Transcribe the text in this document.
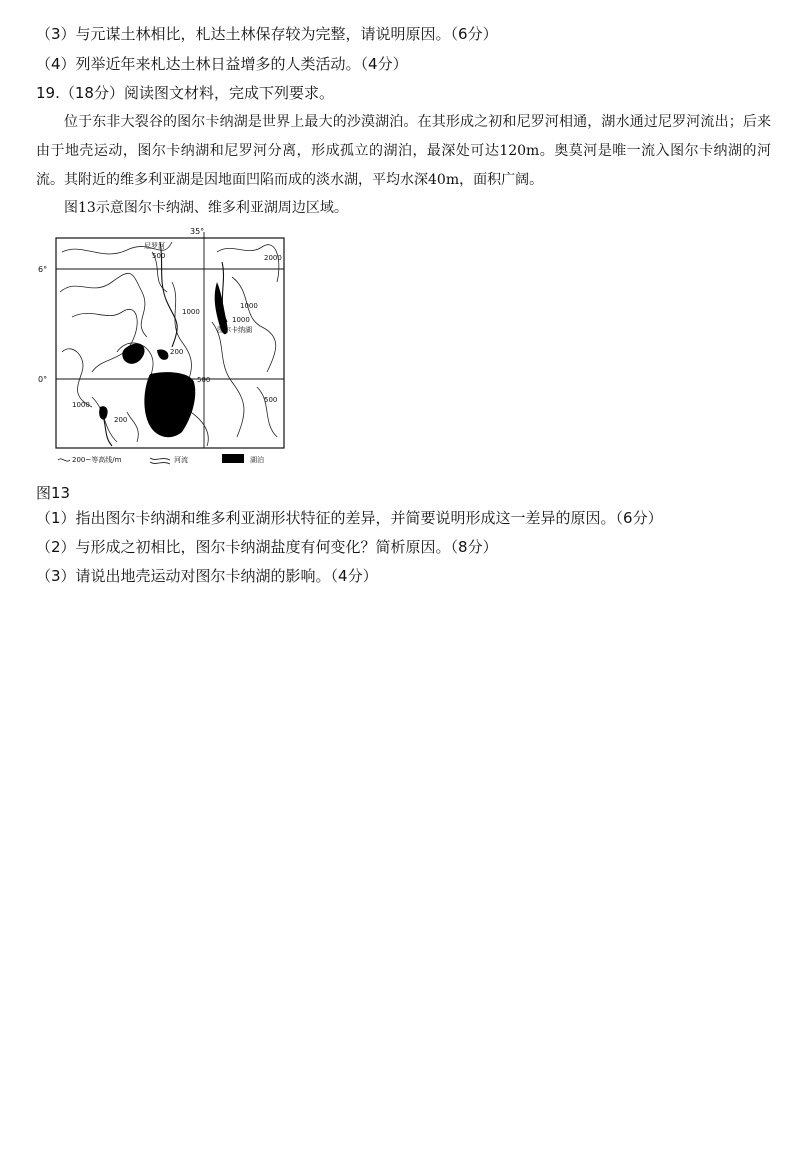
（3）与元谋土林相比，札达土林保存较为完整，请说明原因。（6分）
（4）列举近年来札达土林日益增多的人类活动。（4分）
19.（18分）阅读图文材料，完成下列要求。
位于东非大裂谷的图尔卡纳湖是世界上最大的沙漠湖泊。在其形成之初和尼罗河相通，湖水通过尼罗河流出；后来由于地壳运动，图尔卡纳湖和尼罗河分离，形成孤立的湖泊，最深处可达120m。奥莫河是唯一流入图尔卡纳湖的河流。其附近的维多利亚湖是因地面凹陷而成的淡水湖，平均水深40m，面积广阔。
图13示意图尔卡纳湖、维多利亚湖周边区域。
35°
6°
0°
500
1000
2000
1000
1000
500
1000
500
200
200
尼罗河
图尔卡纳湖
200~等高线/m	河流	湖泊
图13
（1）指出图尔卡纳湖和维多利亚湖形状特征的差异，并简要说明形成这一差异的原因。（6分）
（2）与形成之初相比，图尔卡纳湖盐度有何变化？简析原因。（8分）
（3）请说出地壳运动对图尔卡纳湖的影响。（4分）
